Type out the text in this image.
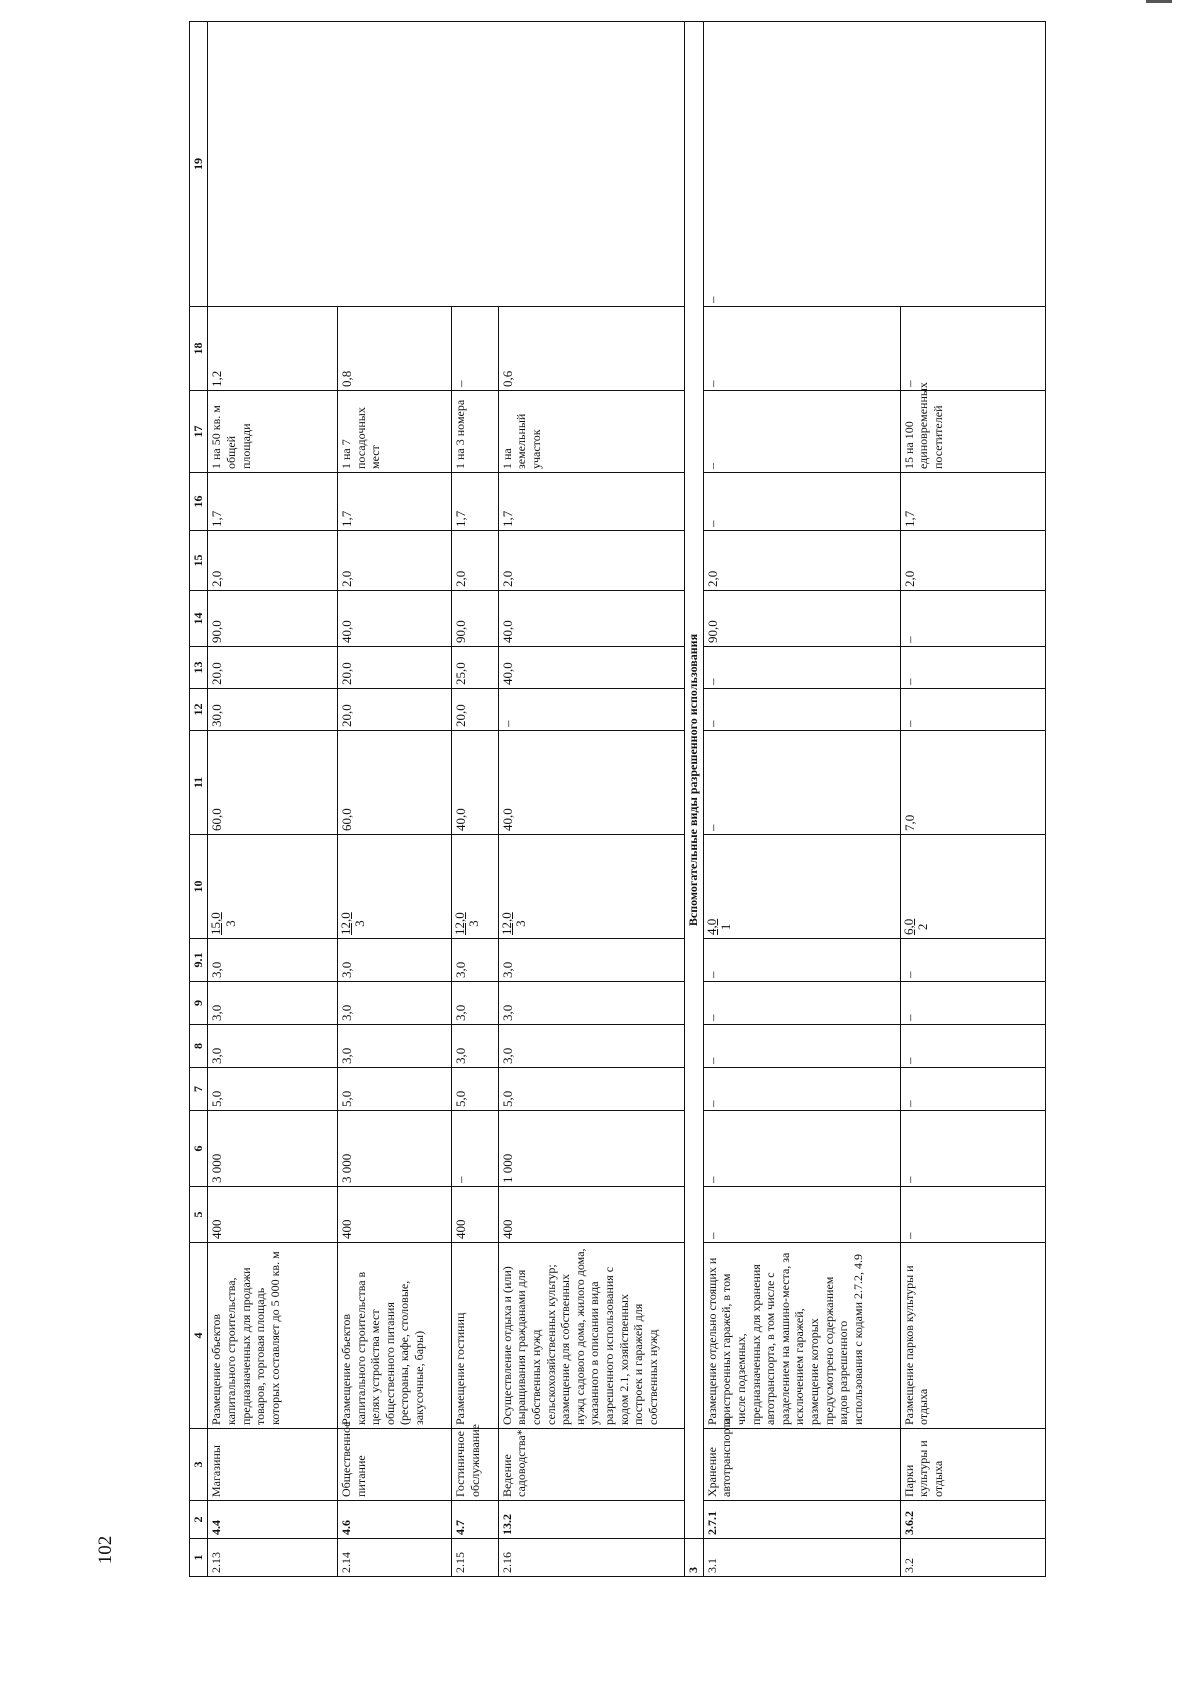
102	1	2	3	4	5	6	7	8	9	9.1	10	11	12	13	14	15	16	17	18	19
2.13	4.4	Магазины	Размещение объектов капитального строительства, предназначенных для продажи товаров, торговая площадь которых составляет до 5 000 кв. м	400	3 000	5,0	3,0	3,0	3,0	15,0 3	60,0	30,0	20,0	90,0	2,0	1,7	1 на 50 кв. м общей площади	1,2	
2.14	4.6	Общественное питание	Размещение объектов капитального строительства в целях устройства мест общественного питания (рестораны, кафе, столовые, закусочные, бары)	400	3 000	5,0	3,0	3,0	3,0	12,0 3	60,0	20,0	20,0	40,0	2,0	1,7	1 на 7 посадочных мест	0,8	
2.15	4.7	Гостиничное обслуживание	Размещение гостиниц	400	–	5,0	3,0	3,0	3,0	12,0 3	40,0	20,0	25,0	90,0	2,0	1,7	1 на 3 номера	–	
2.16	13.2	Ведение садоводства*	Осуществление отдыха и (или) выращивания гражданами для собственных нужд сельскохозяйственных культур; размещение для собственных нужд садового дома, жилого дома, указанного в описании вида разрешенного использования с кодом 2.1, хозяйственных построек и гаражей для собственных нужд	400	1 000	5,0	3,0	3,0	3,0	12,0 3	40,0	–	40,0	40,0	2,0	1,7	1 на земельный участок	0,6	
3	Вспомогательные виды разрешенного использования																		
3.1	2.7.1	Хранение автотранспорта	Размещение отдельно стоящих и пристроенных гаражей, в том числе подземных, предназначенных для хранения автотранспорта, в том числе с разделением на машино-места, за исключением гаражей, размещение которых предусмотрено содержанием видов разрешенного использования с кодами 2.7.2, 4.9	–	–	–	–	–	–	4,0 1	–	–	–	90,0	2,0	–	–	–	–
3.2	3.6.2	Парки культуры и отдыха	Размещение парков культуры и отдыха	–	–	–	–	–	–	6,0 2	7,0	–	–	–	2,0	1,7	15 на 100 единовременных посетителей	–	
